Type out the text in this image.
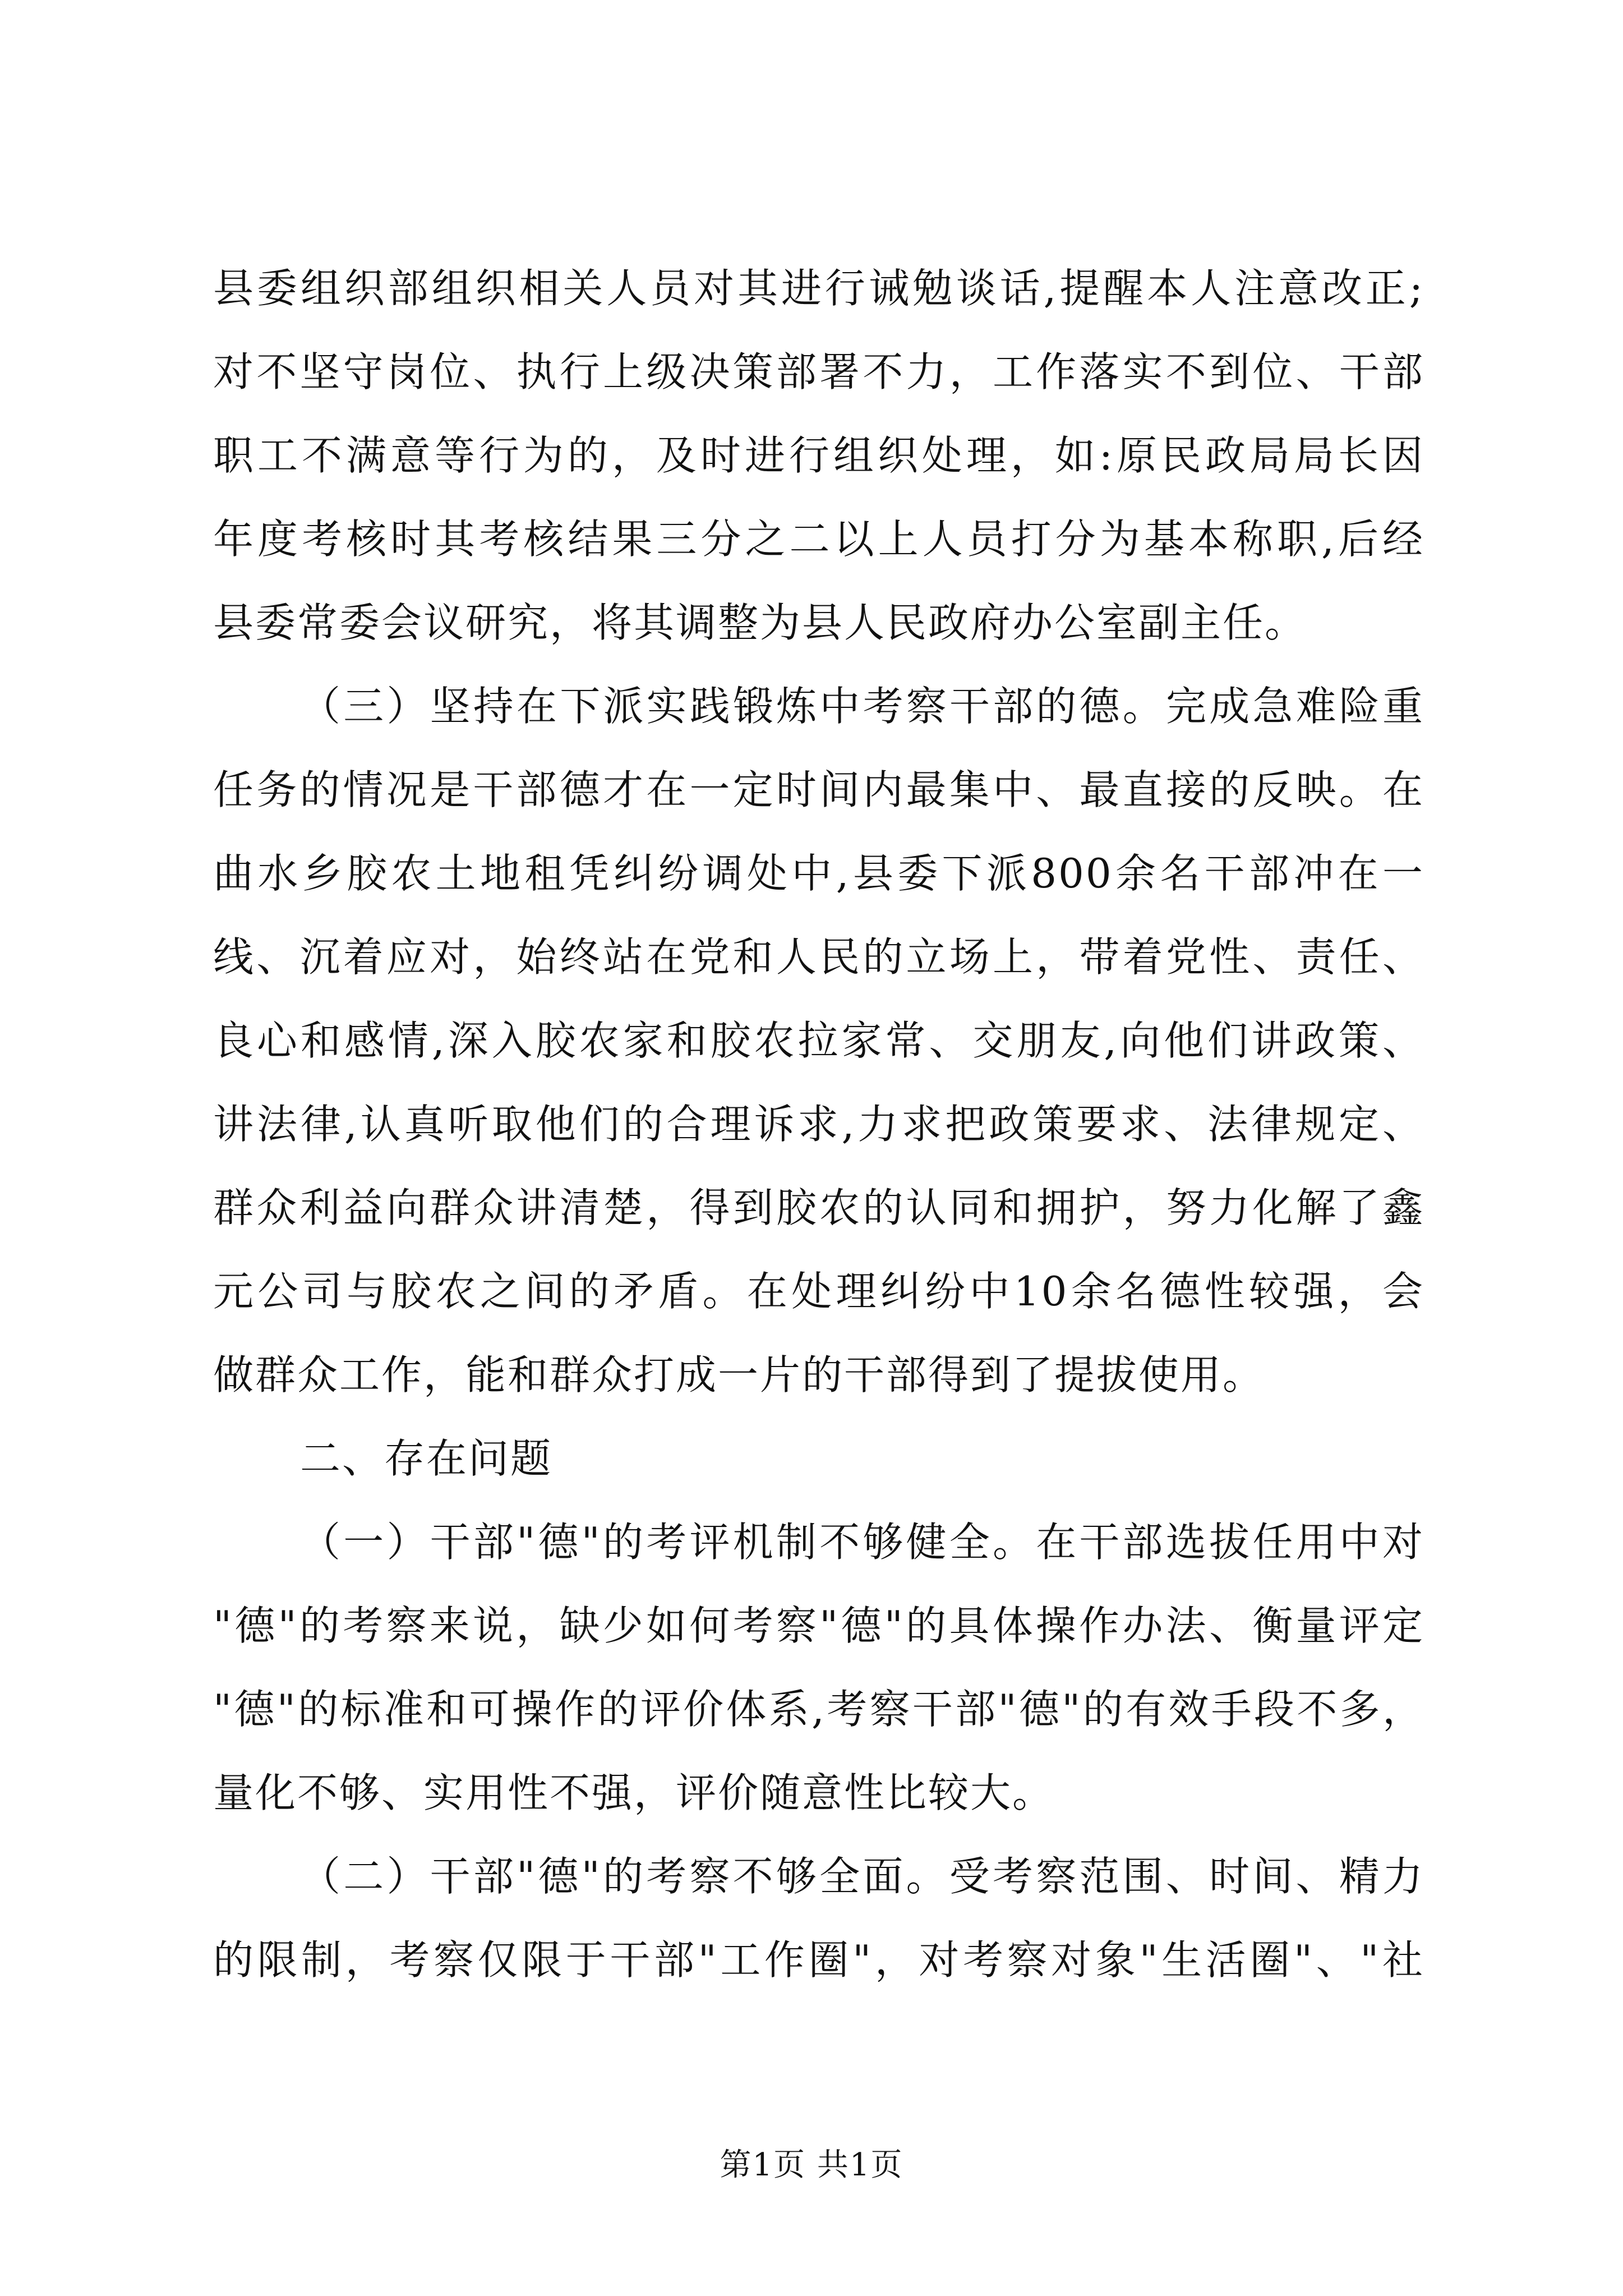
县委组织部组织相关人员对其进行诫勉谈话,提醒本人注意改正;
对不坚守岗位、执行上级决策部署不力，工作落实不到位、干部
职工不满意等行为的，及时进行组织处理，如:原民政局局长因
年度考核时其考核结果三分之二以上人员打分为基本称职,后经
县委常委会议研究，将其调整为县人民政府办公室副主任。
（三）坚持在下派实践锻炼中考察干部的德。完成急难险重
任务的情况是干部德才在一定时间内最集中、最直接的反映。在
曲水乡胶农土地租凭纠纷调处中,县委下派800余名干部冲在一
线、沉着应对，始终站在党和人民的立场上，带着党性、责任、
良心和感情,深入胶农家和胶农拉家常、交朋友,向他们讲政策、
讲法律,认真听取他们的合理诉求,力求把政策要求、法律规定、
群众利益向群众讲清楚，得到胶农的认同和拥护，努力化解了鑫
元公司与胶农之间的矛盾。在处理纠纷中10余名德性较强，会
做群众工作，能和群众打成一片的干部得到了提拔使用。
二、存在问题
（一）干部"德"的考评机制不够健全。在干部选拔任用中对
"德"的考察来说，缺少如何考察"德"的具体操作办法、衡量评定
"德"的标准和可操作的评价体系,考察干部"德"的有效手段不多，
量化不够、实用性不强，评价随意性比较大。
（二）干部"德"的考察不够全面。受考察范围、时间、精力
的限制，考察仅限于干部"工作圈"，对考察对象"生活圈"、"社
第1页 共1页
